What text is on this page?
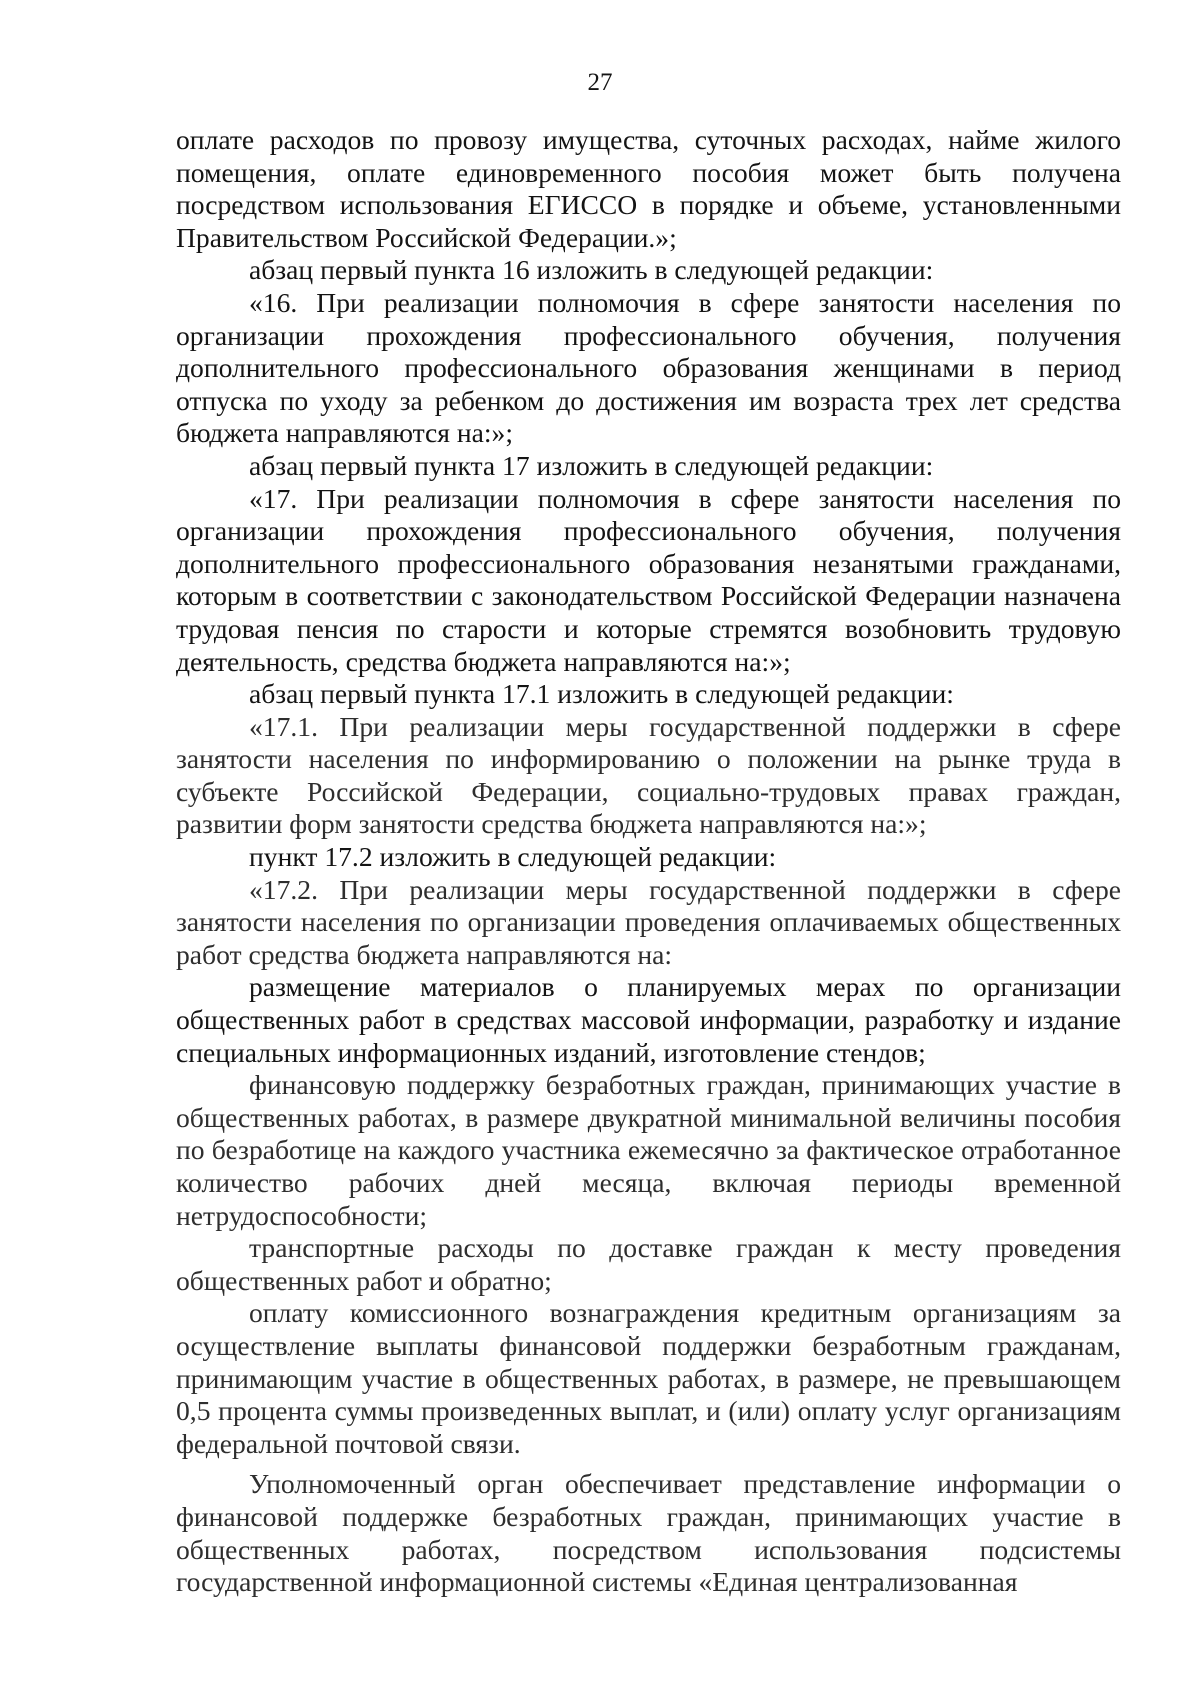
27

оплате расходов по провозу имущества, суточных расходах, найме жилого помещения, оплате единовременного пособия может быть получена посредством использования ЕГИССО в порядке и объеме, установленными Правительством Российской Федерации.»;

абзац первый пункта 16 изложить в следующей редакции:

«16. При реализации полномочия в сфере занятости населения по организации прохождения профессионального обучения, получения дополнительного профессионального образования женщинами в период отпуска по уходу за ребенком до достижения им возраста трех лет средства бюджета направляются на:»;

абзац первый пункта 17 изложить в следующей редакции:

«17. При реализации полномочия в сфере занятости населения по организации прохождения профессионального обучения, получения дополнительного профессионального образования незанятыми гражданами, которым в соответствии с законодательством Российской Федерации назначена трудовая пенсия по старости и которые стремятся возобновить трудовую деятельность, средства бюджета направляются на:»;

абзац первый пункта 17.1 изложить в следующей редакции:

«17.1. При реализации меры государственной поддержки в сфере занятости населения по информированию о положении на рынке труда в субъекте Российской Федерации, социально-трудовых правах граждан, развитии форм занятости средства бюджета направляются на:»;

пункт 17.2 изложить в следующей редакции:

«17.2. При реализации меры государственной поддержки в сфере занятости населения по организации проведения оплачиваемых общественных работ средства бюджета направляются на:

размещение материалов о планируемых мерах по организации общественных работ в средствах массовой информации, разработку и издание специальных информационных изданий, изготовление стендов;

финансовую поддержку безработных граждан, принимающих участие в общественных работах, в размере двукратной минимальной величины пособия по безработице на каждого участника ежемесячно за фактическое отработанное количество рабочих дней месяца, включая периоды временной нетрудоспособности;

транспортные расходы по доставке граждан к месту проведения общественных работ и обратно;

оплату комиссионного вознаграждения кредитным организациям за осуществление выплаты финансовой поддержки безработным гражданам, принимающим участие в общественных работах, в размере, не превышающем 0,5 процента суммы произведенных выплат, и (или) оплату услуг организациям федеральной почтовой связи.

Уполномоченный орган обеспечивает представление информации о финансовой поддержке безработных граждан, принимающих участие в общественных работах, посредством использования подсистемы государственной информационной системы «Единая централизованная
